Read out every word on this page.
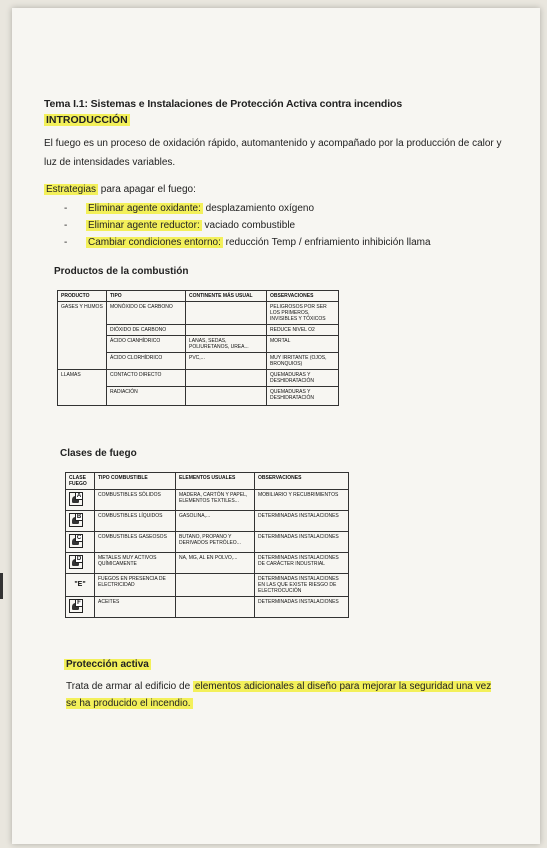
Tema I.1: Sistemas e Instalaciones de Protección Activa contra incendios
INTRODUCCIÓN
El fuego es un proceso de oxidación rápido, automantenido y acompañado por la producción de calor y luz de intensidades variables.
Estrategias para apagar el fuego:
- Eliminar agente oxidante: desplazamiento oxígeno
- Eliminar agente reductor: vaciado combustible
- Cambiar condiciones entorno: reducción Temp / enfriamiento inhibición llama
Productos de la combustión
PRODUCTO	TIPO	CONTINENTE MÁS USUAL	OBSERVACIONES
GASES Y HUMOS	MONÓXIDO DE CARBONO		PELIGROSOS POR SER LOS PRIMEROS, INVISIBLES Y TÓXICOS
	DIÓXIDO DE CARBONO		REDUCE NIVEL O2
	ÁCIDO CIANHÍDRICO	LANAS, SEDAS, POLIURETANOS, UREA...	MORTAL
	ÁCIDO CLORHÍDRICO	PVC,...	MUY IRRITANTE (OJOS, BRONQUIOS)
LLAMAS	CONTACTO DIRECTO		QUEMADURAS Y DESHIDRATACIÓN
	RADIACIÓN		QUEMADURAS Y DESHIDRATACIÓN
Clases de fuego
CLASE FUEGO	TIPO COMBUSTIBLE	ELEMENTOS USUALES	OBSERVACIONES

A	COMBUSTIBLES SÓLIDOS	MADERA, CARTÓN Y PAPEL, ELEMENTOS TEXTILES...	MOBILIARIO Y RECUBRIMIENTOS

B	COMBUSTIBLES LÍQUIDOS	GASOLINA,...	DETERMINADAS INSTALACIONES

C	COMBUSTIBLES GASEOSOS	BUTANO, PROPANO Y DERIVADOS PETRÓLEO...	DETERMINADAS INSTALACIONES

D	METALES MUY ACTIVOS QUÍMICAMENTE	NA, MG, AL EN POLVO,...	DETERMINADAS INSTALACIONES DE CARÁCTER INDUSTRIAL
"E"	FUEGOS EN PRESENCIA DE ELECTRICIDAD		DETERMINADAS INSTALACIONES EN LAS QUE EXISTE RIESGO DE ELECTROCUCIÓN

F	ACEITES		DETERMINADAS INSTALACIONES
Protección activa
Trata de armar al edificio de elementos adicionales al diseño para mejorar la seguridad una vez se ha producido el incendio.
